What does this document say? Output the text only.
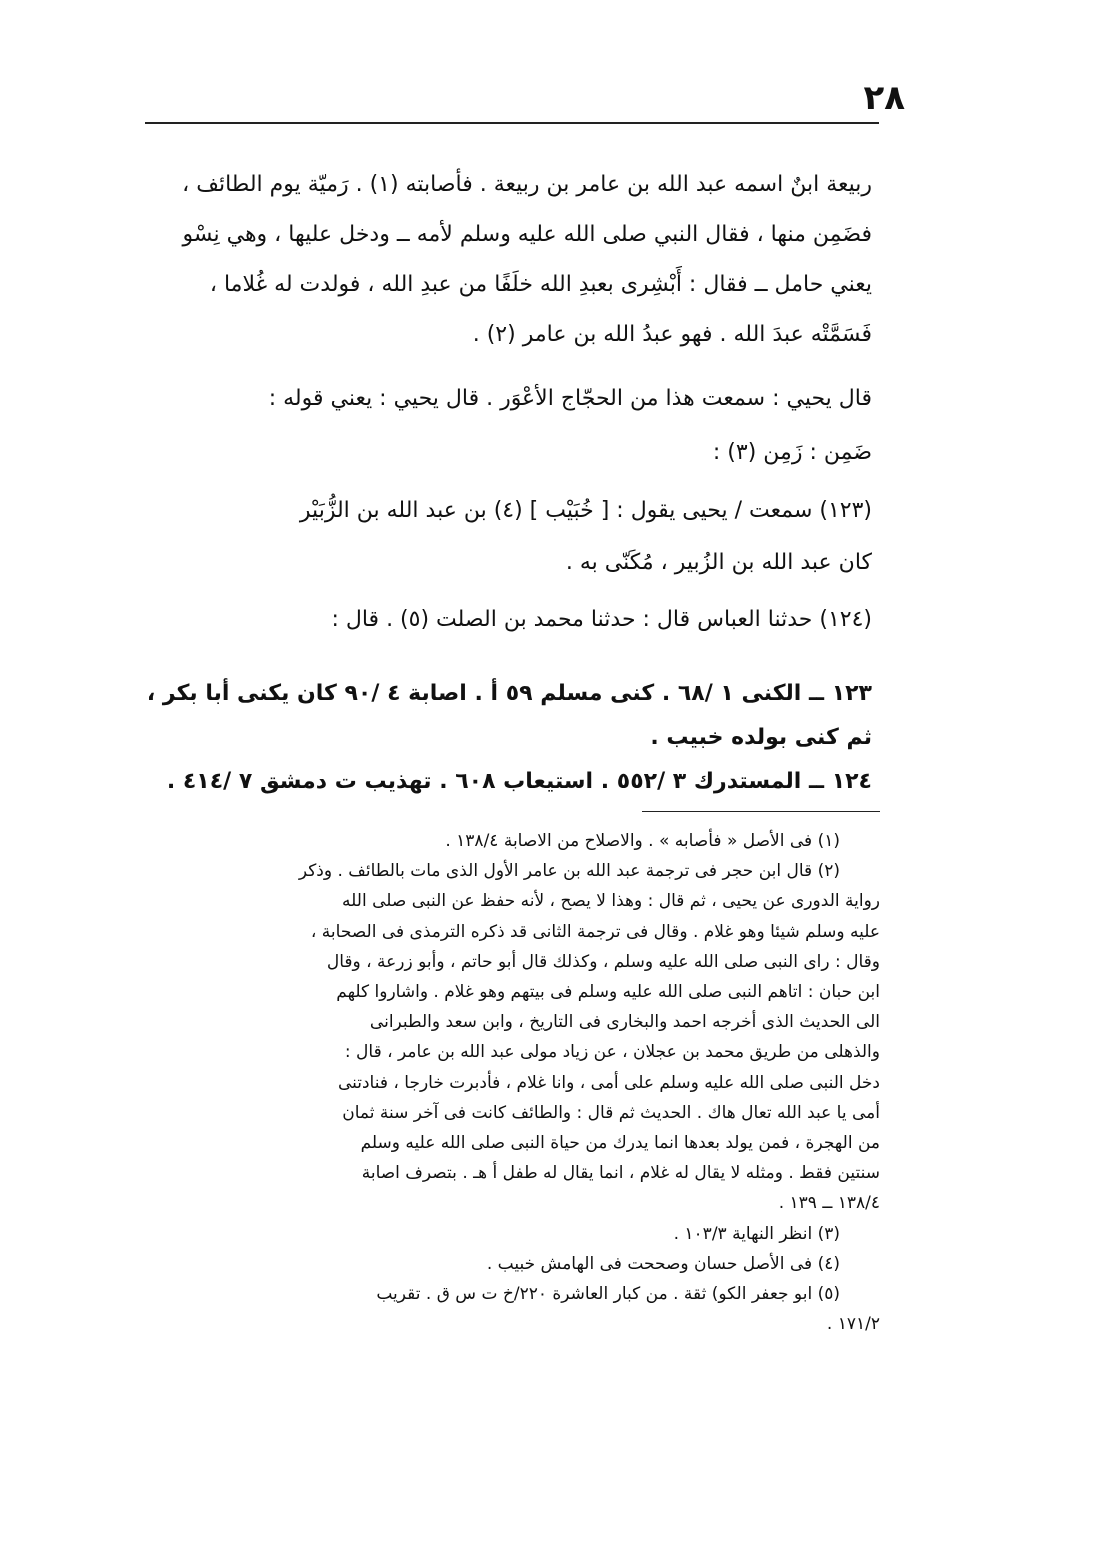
٢٨
ربيعة ابنٌ اسمه عبد الله بن عامر بن ربيعة . فأصابته (١) . رَميّة يوم الطائف ،
فضَمِن منها ، فقال النبي صلى الله عليه وسلم لأمه ــ ودخل عليها ، وهي نِسْو
يعني حامل ــ فقال : أَبْشِرى بعبدِ الله خلَفًا من عبدِ الله ، فولدت له غُلاما ،
فَسَمَّتْه عبدَ الله . فهو عبدُ الله بن عامر (٢) .
قال يحيي : سمعت هذا من الحجّاج الأعْوَر . قال يحيي : يعني قوله :
ضَمِن : زَمِن (٣) :
(١٢٣) سمعت / يحيى يقول : [ خُبَيْب ] (٤) بن عبد الله بن الزُّبَيْر
كان عبد الله بن الزُبير ، مُكَنّى به .
(١٢٤) حدثنا العباس قال : حدثنا محمد بن الصلت (٥) . قال :
١٢٣ ــ الكنى ١ /٦٨ . كنى مسلم ٥٩ أ . اصابة ٤ /٩٠ كان يكنى أبا بكر ،
ثم كنى بولده خبيب .
١٢٤ ــ المستدرك ٣ /٥٥٢ . استيعاب ٦٠٨ . تهذيب ت دمشق ٧ /٤١٤ .
(١) فى الأصل « فأصابه » . والاصلاح من الاصابة ١٣٨/٤ .
(٢) قال ابن حجر فى ترجمة عبد الله بن عامر الأول الذى مات بالطائف . وذكر
رواية الدورى عن يحيى ، ثم قال : وهذا لا يصح ، لأنه حفظ عن النبى صلى الله
عليه وسلم شيئا وهو غلام . وقال فى ترجمة الثانى قد ذكره الترمذى فى الصحابة ،
وقال : راى النبى صلى الله عليه وسلم ، وكذلك قال أبو حاتم ، وأبو زرعة ، وقال
ابن حبان : اتاهم النبى صلى الله عليه وسلم فى بيتهم وهو غلام . واشاروا كلهم
الى الحديث الذى أخرجه احمد والبخارى فى التاريخ ، وابن سعد والطبرانى
والذهلى من طريق محمد بن عجلان ، عن زياد مولى عبد الله بن عامر ، قال :
دخل النبى صلى الله عليه وسلم على أمى ، وانا غلام ، فأدبرت خارجا ، فنادتنى
أمى يا عبد الله تعال هاك . الحديث ثم قال : والطائف كانت فى آخر سنة ثمان
من الهجرة ، فمن يولد بعدها انما يدرك من حياة النبى صلى الله عليه وسلم
سنتين فقط . ومثله لا يقال له غلام ، انما يقال له طفل أ هـ . بتصرف اصابة
١٣٨/٤ ــ ١٣٩ .
(٣) انظر النهاية ١٠٣/٣ .
(٤) فى الأصل حسان وصححت فى الهامش خبيب .
(٥) ابو جعفر الكو) ثقة . من كبار العاشرة ٢٢٠/خ ت س ق . تقريب
١٧١/٢ .
